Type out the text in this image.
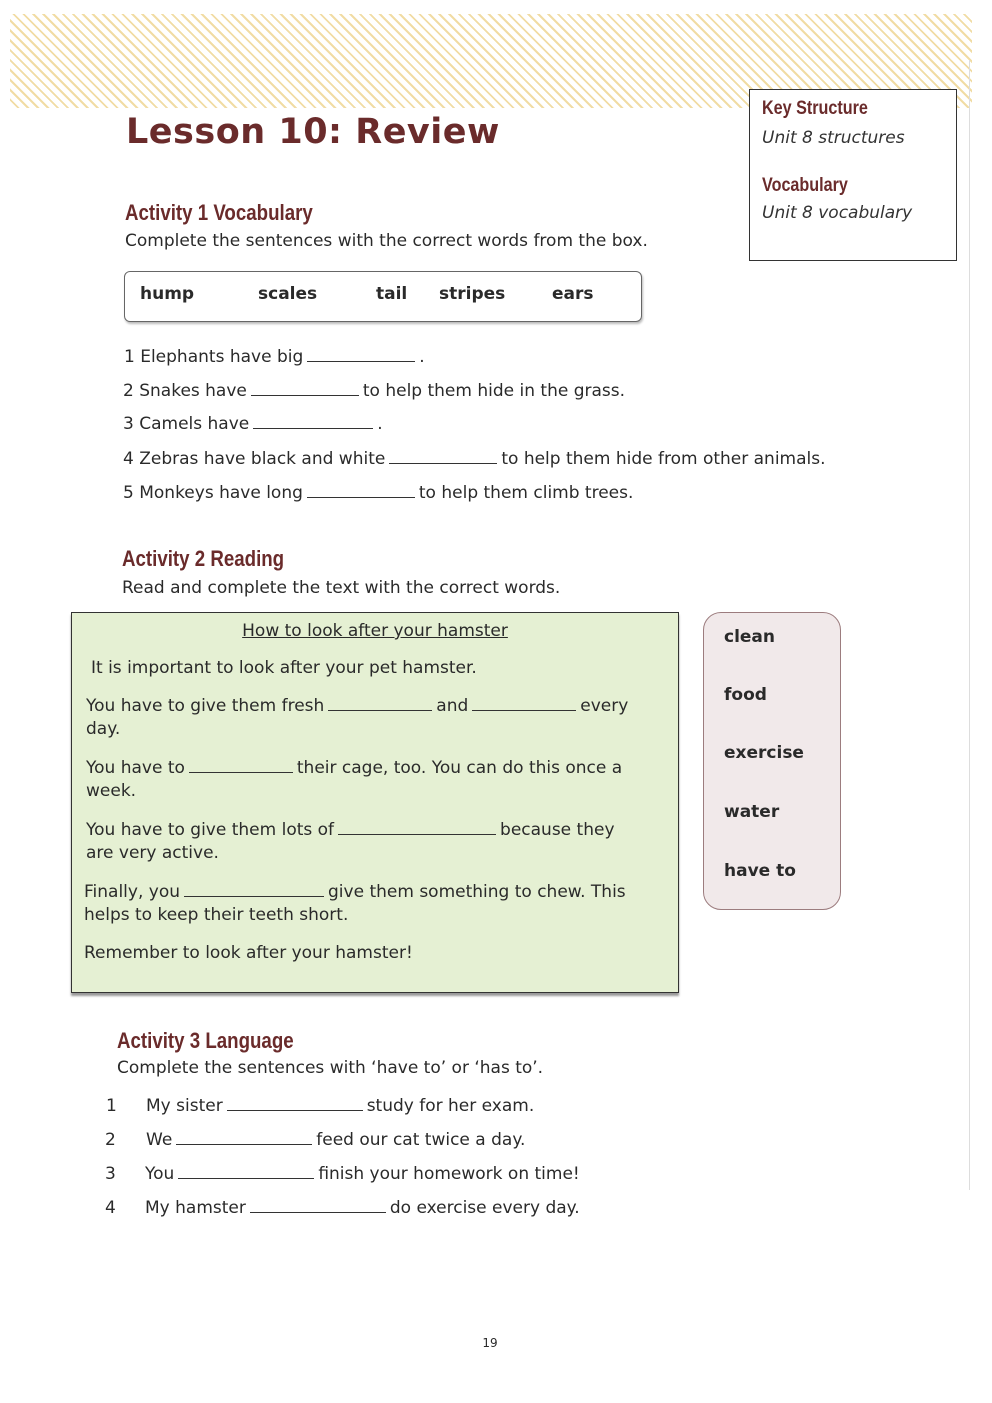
Lesson 10: Review
Key Structure
Unit 8 structures
Vocabulary
Unit 8 vocabulary
Activity 1 Vocabulary
Complete the sentences with the correct words from the box.
hump	scales	tail stripes	ears
1 Elephants have big	.
2 Snakes have	to help them hide in the grass.
3 Camels have	.
4 Zebras have black and white	to help them hide from other animals.
5 Monkeys have long	to help them climb trees.
Activity 2 Reading
Read and complete the text with the correct words.
How to look after your hamster
It is important to look after your pet hamster.
You have to give them fresh	and	every
day.
You have to	their cage, too. You can do this once a
week.
You have to give them lots of	because they
are very active.
Finally, you	give them something to chew. This
helps to keep their teeth short.
Remember to look after your hamster!
clean
food
exercise
water
have to
Activity 3 Language
Complete the sentences with ‘have to’ or ‘has to’.
1 My sister	study for her exam.
2 We	feed our cat twice a day.
3 You	finish your homework on time!
4 My hamster	do exercise every day.
19
